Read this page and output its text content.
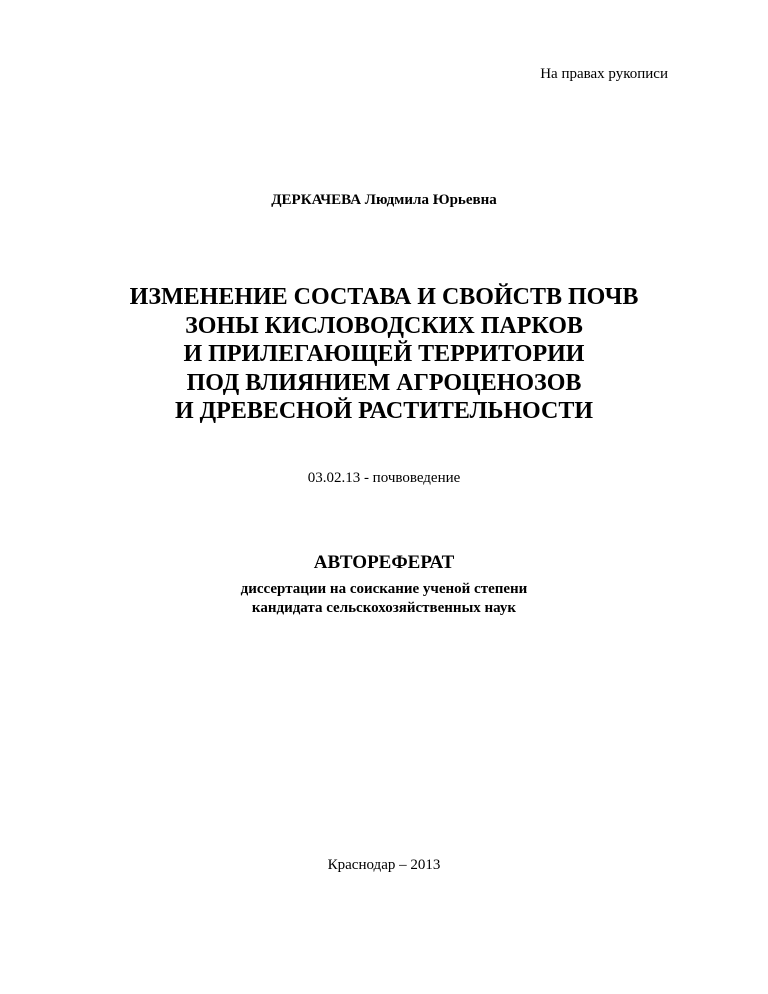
На правах рукописи
ДЕРКАЧЕВА Людмила Юрьевна
ИЗМЕНЕНИЕ СОСТАВА И СВОЙСТВ ПОЧВ
ЗОНЫ КИСЛОВОДСКИХ ПАРКОВ
И ПРИЛЕГАЮЩЕЙ ТЕРРИТОРИИ
ПОД ВЛИЯНИЕМ АГРОЦЕНОЗОВ
И ДРЕВЕСНОЙ РАСТИТЕЛЬНОСТИ
03.02.13 - почвоведение
АВТОРЕФЕРАТ
диссертации на соискание ученой степени
кандидата сельскохозяйственных наук
Краснодар – 2013
